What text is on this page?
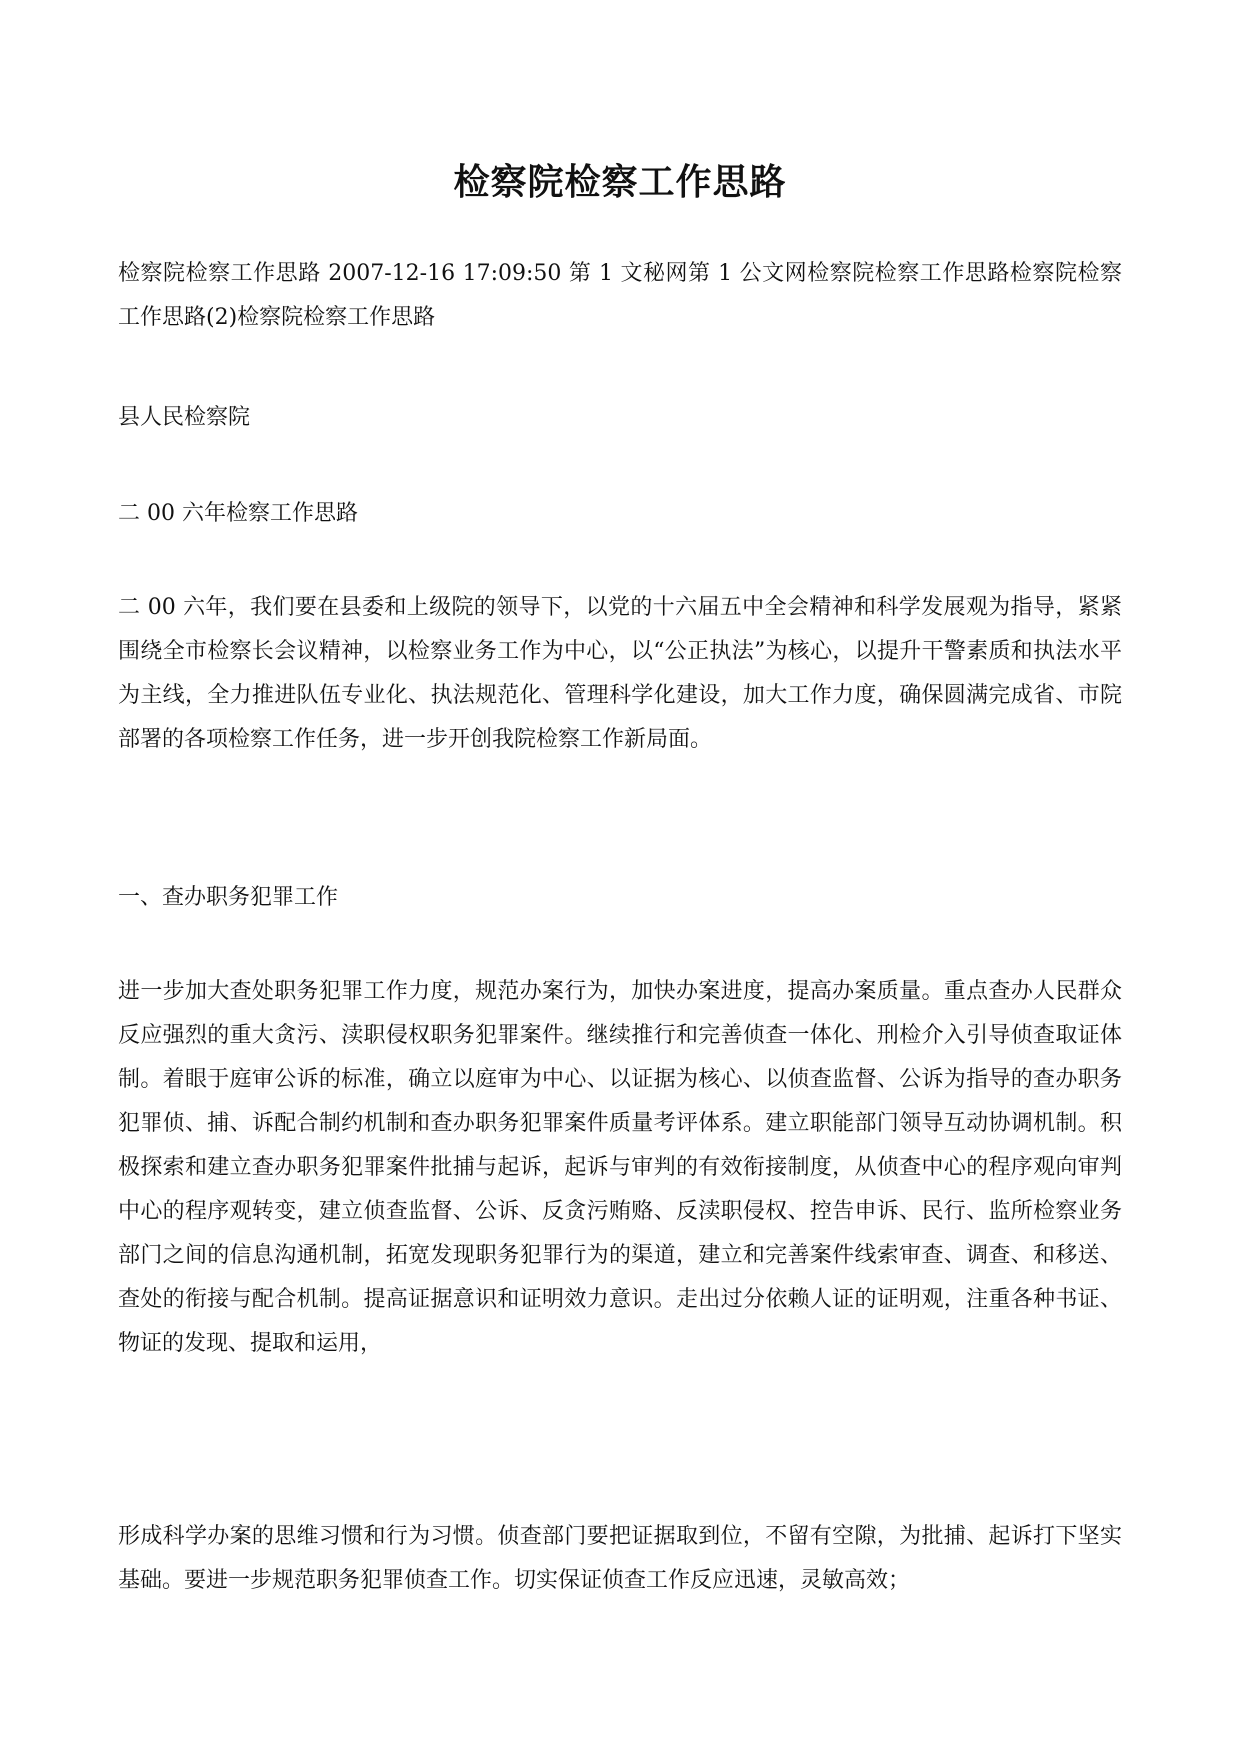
检察院检察工作思路

检察院检察工作思路 2007-12-16 17:09:50 第 1 文秘网第 1 公文网检察院检察工作思路检察院检察工作思路(2)检察院检察工作思路

县人民检察院

二 00 六年检察工作思路

二 00 六年，我们要在县委和上级院的领导下，以党的十六届五中全会精神和科学发展观为指导，紧紧围绕全市检察长会议精神，以检察业务工作为中心，以“公正执法”为核心，以提升干警素质和执法水平为主线，全力推进队伍专业化、执法规范化、管理科学化建设，加大工作力度，确保圆满完成省、市院部署的各项检察工作任务，进一步开创我院检察工作新局面。

一、查办职务犯罪工作

进一步加大查处职务犯罪工作力度，规范办案行为，加快办案进度，提高办案质量。重点查办人民群众反应强烈的重大贪污、渎职侵权职务犯罪案件。继续推行和完善侦查一体化、刑检介入引导侦查取证体制。着眼于庭审公诉的标准，确立以庭审为中心、以证据为核心、以侦查监督、公诉为指导的查办职务犯罪侦、捕、诉配合制约机制和查办职务犯罪案件质量考评体系。建立职能部门领导互动协调机制。积极探索和建立查办职务犯罪案件批捕与起诉，起诉与审判的有效衔接制度，从侦查中心的程序观向审判中心的程序观转变，建立侦查监督、公诉、反贪污贿赂、反渎职侵权、控告申诉、民行、监所检察业务部门之间的信息沟通机制，拓宽发现职务犯罪行为的渠道，建立和完善案件线索审查、调查、和移送、查处的衔接与配合机制。提高证据意识和证明效力意识。走出过分依赖人证的证明观，注重各种书证、物证的发现、提取和运用，

形成科学办案的思维习惯和行为习惯。侦查部门要把证据取到位，不留有空隙，为批捕、起诉打下坚实基础。要进一步规范职务犯罪侦查工作。切实保证侦查工作反应迅速，灵敏高效；
